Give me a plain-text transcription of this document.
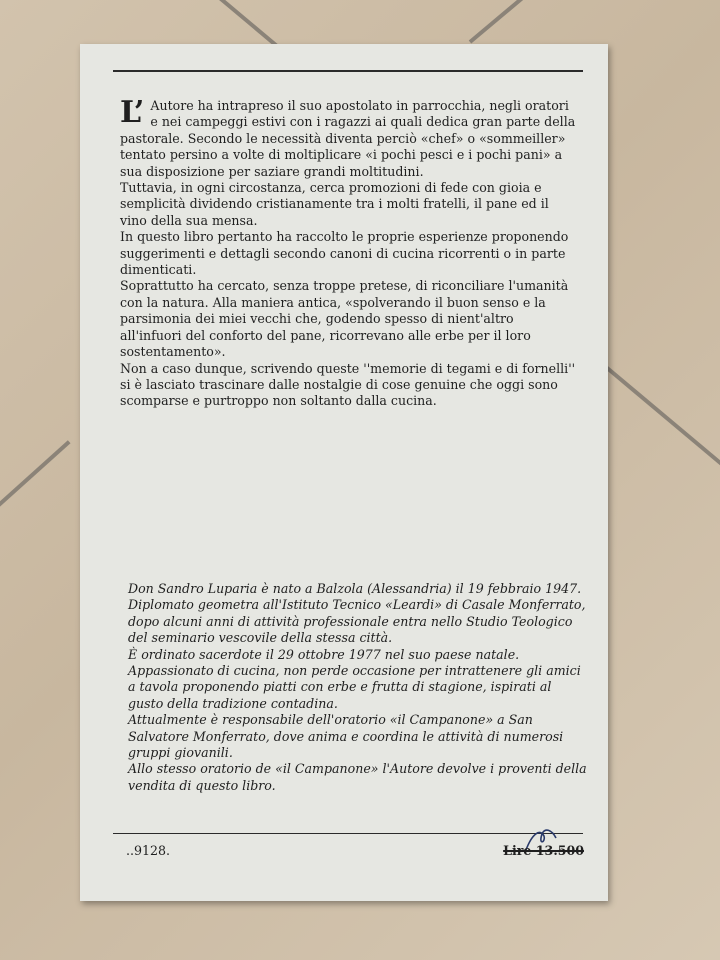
L’ Autore ha intrapreso il suo apostolato in parrocchia, negli oratori e nei campeggi estivi con i ragazzi ai quali dedica gran parte della pastorale. Secondo le necessità diventa perciò «chef» o «sommeiller» tentato persino a volte di moltiplicare «i pochi pesci e i pochi pani» a sua disposizione per saziare grandi moltitudini.

Tuttavia, in ogni circostanza, cerca promozioni di fede con gioia e semplicità dividendo cristianamente tra i molti fratelli, il pane ed il vino della sua mensa.

In questo libro pertanto ha raccolto le proprie esperienze proponendo suggerimenti e dettagli secondo canoni di cucina ricorrenti o in parte dimenticati.

Soprattutto ha cercato, senza troppe pretese, di riconciliare l'umanità con la natura. Alla maniera antica, «spolverando il buon senso e la parsimonia dei miei vecchi che, godendo spesso di nient'altro all'infuori del conforto del pane, ricorrevano alle erbe per il loro sostentamento».

Non a caso dunque, scrivendo queste ''memorie di tegami e di fornelli'' si è lasciato trascinare dalle nostalgie di cose genuine che oggi sono scomparse e purtroppo non soltanto dalla cucina.

Don Sandro Luparia è nato a Balzola (Alessandria) il 19 febbraio 1947.

Diplomato geometra all'Istituto Tecnico «Leardi» di Casale Monferrato, dopo alcuni anni di attività professionale entra nello Studio Teologico del seminario vescovile della stessa città.

È ordinato sacerdote il 29 ottobre 1977 nel suo paese natale.

Appassionato di cucina, non perde occasione per intrattenere gli amici a tavola proponendo piatti con erbe e frutta di stagione, ispirati al gusto della tradizione contadina.

Attualmente è responsabile dell'oratorio «il Campanone» a San Salvatore Monferrato, dove anima e coordina le attività di numerosi gruppi giovanili.

Allo stesso oratorio de «il Campanone» l'Autore devolve i proventi della vendita di questo libro.

..9128.	Lire 13.500
